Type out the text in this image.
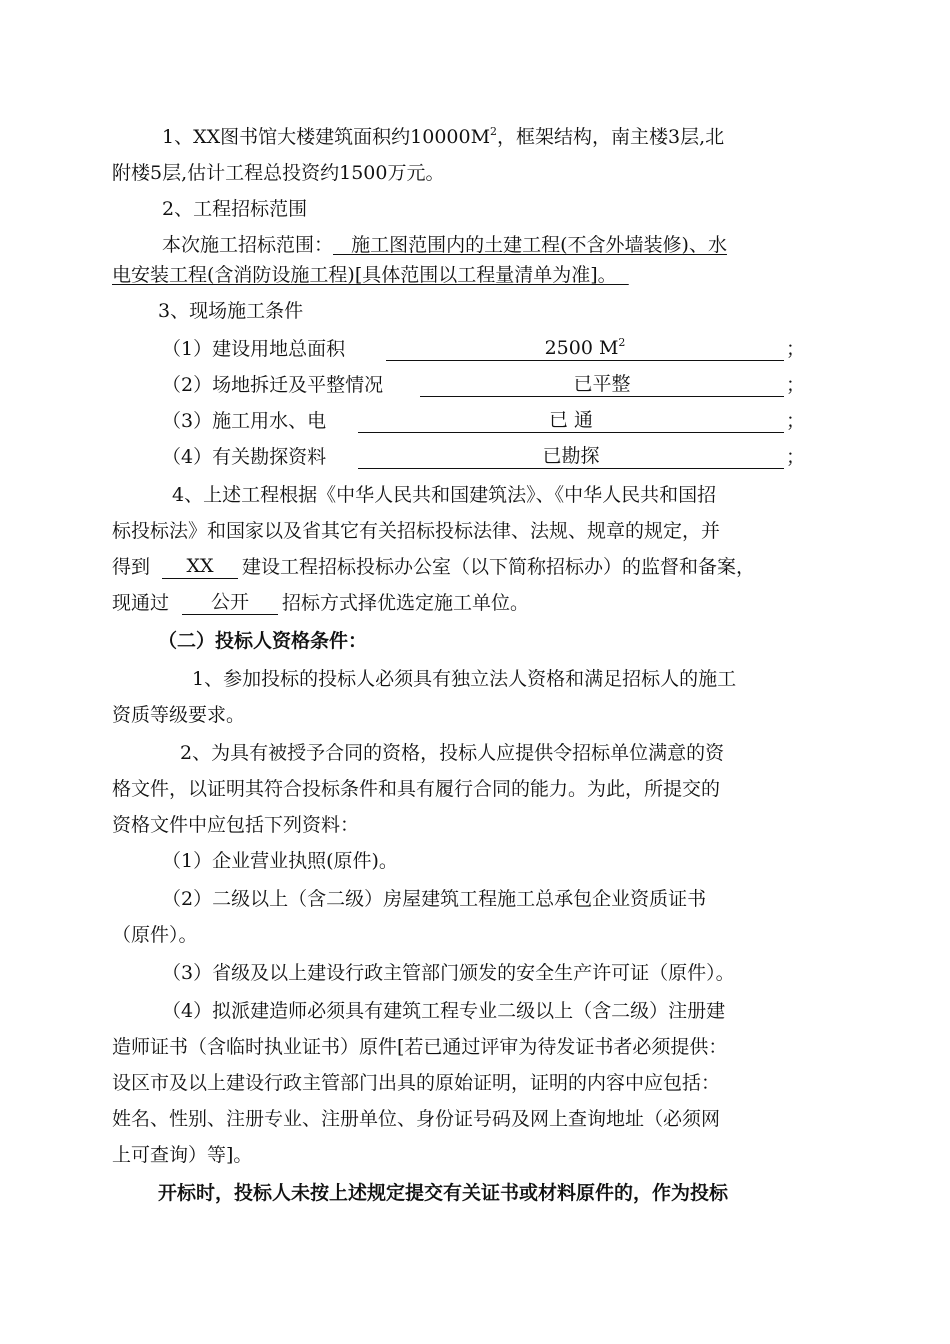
1、XX图书馆大楼建筑面积约$10000M^2$，框架结构，南主楼3层,北
附楼5层,估计工程总投资约1500万元。
2、工程招标范围
本次施工招标范围：   施工图范围内的土建工程(不含外墙装修)、水
电安装工程(含消防设施工程)[具体范围以工程量清单为准]。
3、现场施工条件
（1）建设用地总面积	2500 $M^2$	；
（2）场地拆迁及平整情况	已平整	；
（3）施工用水、电	已 通	；
（4）有关勘探资料	已勘探	；
4、上述工程根据《中华人民共和国建筑法》、《中华人民共和国招
标投标法》和国家以及省其它有关招标投标法律、法规、规章的规定，并
得到	XX	建设工程招标投标办公室（以下简称招标办）的监督和备案，
现通过	公开	招标方式择优选定施工单位。
（二）投标人资格条件：
1、参加投标的投标人必须具有独立法人资格和满足招标人的施工
资质等级要求。
2、为具有被授予合同的资格，投标人应提供令招标单位满意的资
格文件，以证明其符合投标条件和具有履行合同的能力。为此，所提交的
资格文件中应包括下列资料：
（1）企业营业执照(原件)。
（2）二级以上（含二级）房屋建筑工程施工总承包企业资质证书
（原件）。
（3）省级及以上建设行政主管部门颁发的安全生产许可证（原件）。
（4）拟派建造师必须具有建筑工程专业二级以上（含二级）注册建
造师证书（含临时执业证书）原件[若已通过评审为待发证书者必须提供：
设区市及以上建设行政主管部门出具的原始证明，证明的内容中应包括：
姓名、性别、注册专业、注册单位、身份证号码及网上查询地址（必须网
上可查询）等]。
开标时，投标人未按上述规定提交有关证书或材料原件的，作为投标
